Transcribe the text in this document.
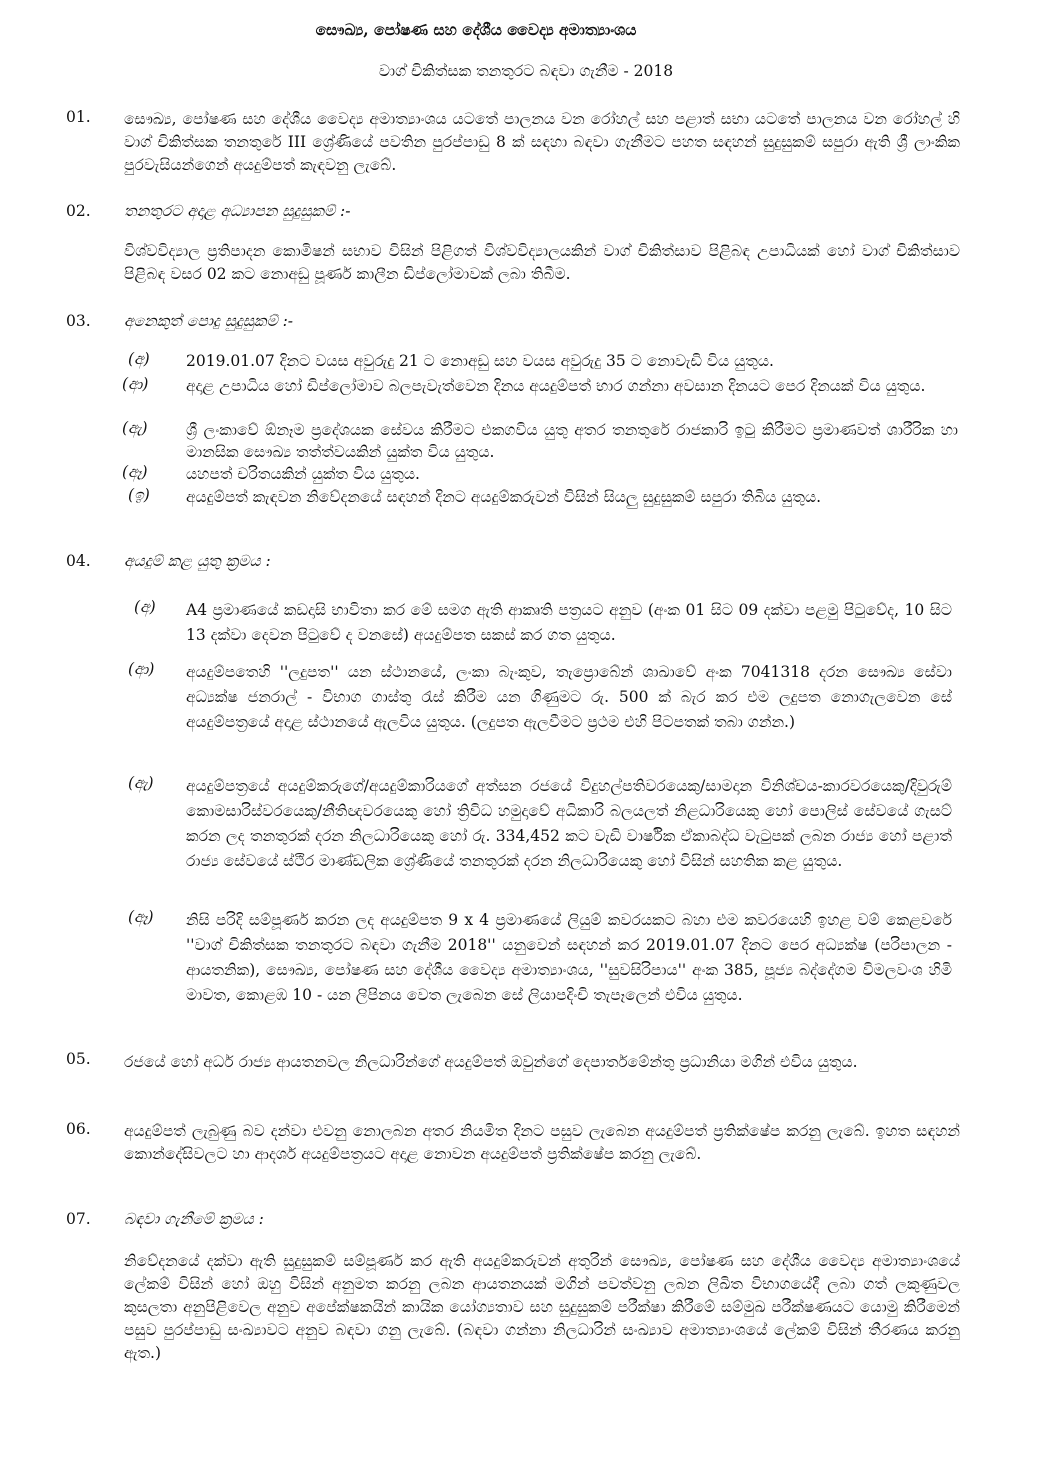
සෞඛ්‍ය, පෝෂණ සහ දේශීය වෛද්‍ය අමාත්‍යාංශය
වාග් චිකිත්සක තනතුරට බඳවා ගැනීම - 2018
01. සෞඛ්‍ය, පෝෂණ සහ දේශීය වෛද්‍ය අමාත්‍යාංශය යටතේ පාලනය වන රෝහල් සහ පළාත් සභා යටතේ පාලනය වන රෝහල් හි වාග් චිකිත්සක තනතුරේ III ශ්‍රේණියේ පවතින පුරප්පාඩු 8 ක් සඳහා බඳවා ගැනීමට පහත සඳහන් සුදුසුකම් සපුරා ඇති ශ්‍රී ලාංකික පුරවැසියන්ගෙන් අයදුම්පත් කැඳවනු ලැබේ.
02. තනතුරට අදාළ අධ්‍යාපන සුදුසුකම් :-
විශ්වවිද්‍යාල ප්‍රතිපාදන කොමිෂන් සභාව විසින් පිළිගත් විශ්වවිද්‍යාලයකින් වාග් චිකිත්සාව පිළිබඳ උපාධියක් හෝ වාග් චිකිත්සාව පිළිබඳ වසර 02 කට නොඅඩු පූර්ණ කාලීන ඩිප්ලෝමාවක් ලබා තිබීම.
03. අනෙකුත් පොදු සුදුසුකම් :-
(අ) 2019.01.07 දිනට වයස අවුරුදු 21 ට නොඅඩු සහ වයස අවුරුදු 35 ට නොවැඩි විය යුතුය.
(ආ) අදාළ උපාධිය හෝ ඩිප්ලෝමාව බලපැවැත්වෙන දිනය අයදුම්පත් භාර ගන්නා අවසාන දිනයට පෙර දිනයක් විය යුතුය.
(ඇ) ශ්‍රී ලංකාවේ ඕනෑම ප්‍රදේශයක සේවය කිරීමට එකගවිය යුතු අතර තනතුරේ රාජකාරි ඉටු කිරීමට ප්‍රමාණවත් ශාරීරික හා මානසික සෞඛ්‍ය තත්ත්වයකින් යුක්ත විය යුතුය.
(ඈ) යහපත් චරිතයකින් යුක්ත විය යුතුය.
(ඉ) අයදුම්පත් කැඳවන නිවේදනයේ සඳහන් දිනට අයදුම්කරුවන් විසින් සියලු සුදුසුකම් සපුරා තිබිය යුතුය.
04. අයදුම් කළ යුතු ක්‍රමය :
(අ) A4 ප්‍රමාණයේ කඩදාසි භාවිතා කර මේ සමග ඇති ආකෘති පත්‍රයට අනුව (අංක 01 සිට 09 දක්වා පළමු පිටුවේද, 10 සිට 13 දක්වා දෙවන පිටුවේ ද වනසේ) අයදුම්පත සකස් කර ගත යුතුය.
(ආ) අයදුම්පතෙහි ''ලදුපත'' යන ස්ථානයේ, ලංකා බැංකුව, තැප්‍රොබේන් ශාඛාවේ අංක 7041318 දරන සෞඛ්‍ය සේවා අධ්‍යක්ෂ ජනරාල් - විභාග ගාස්තු රැස් කිරීම යන ගිණුමට රු. 500 ක් බැර කර එම ලදුපත නොගැලවෙන සේ අයදුම්පත්‍රයේ අදාළ ස්ථානයේ ඇලවිය යුතුය. (ලදුපත ඇලවීමට ප්‍රථම එහි පිටපතක් තබා ගන්න.)
(ඇ) අයදුම්පත්‍රයේ අයදුම්කරුගේ/අයදුම්කාරියගේ අත්සන රජයේ විදුහල්පතිවරයෙකු/සාමදාන විනිශ්චය-කාරවරයෙකු/දිවුරුම් කොමසාරිස්වරයෙකු/නීතිඥවරයෙකු හෝ ත්‍රිවිධ හමුදාවේ අධිකාරි බලයලත් නිළධාරියෙකු හෝ පොලිස් සේවයේ ගැසට් කරන ලද තනතුරක් දරන නිලධාරියෙකු හෝ රු. 334,452 කට වැඩි වාර්ෂික ඒකාබද්ධ වැටුපක් ලබන රාජ්‍ය හෝ පළාත් රාජ්‍ය සේවයේ ස්ථිර මාණ්ඩලික ශ්‍රේණියේ තනතුරක් දරන නිලධාරියෙකු හෝ විසින් සහතික කළ යුතුය.
(ඈ) නිසි පරිදි සම්පූර්ණ කරන ලද අයදුම්පත 9 x 4 ප්‍රමාණයේ ලියුම් කවරයකට බහා එම කවරයෙහි ඉහළ වම් කෙළවරේ ''වාග් චිකිත්සක තනතුරට බඳවා ගැනීම 2018'' යනුවෙන් සඳහන් කර 2019.01.07 දිනට පෙර අධ්‍යක්ෂ (පරිපාලන - ආයතනික), සෞඛ්‍ය, පෝෂණ සහ දේශීය වෛද්‍ය අමාත්‍යාංශය, ''සුවසිරිපාය'' අංක 385, පූජ්‍ය බද්දේගම විමලවංශ හිමි මාවත, කොළඹ 10 - යන ලිපිනය වෙත ලැබෙන සේ ලියාපදිංචි තැපෑලෙන් එවිය යුතුය.
05. රජයේ හෝ අර්ධ රාජ්‍ය ආයතනවල නිලධාරින්ගේ අයදුම්පත් ඔවුන්ගේ දෙපාර්තමේන්තු ප්‍රධානියා මගින් එවිය යුතුය.
06. අයදුම්පත් ලැබුණු බව දන්වා එවනු නොලබන අතර නියමිත දිනට පසුව ලැබෙන අයදුම්පත් ප්‍රතික්ෂේප කරනු ලැබේ. ඉහත සඳහන් කොන්දේසිවලට හා ආදර්ශ අයදුම්පත්‍රයට අදාළ නොවන අයදුම්පත් ප්‍රතික්ෂේප කරනු ලැබේ.
07. බඳවා ගැනීමේ ක්‍රමය :
නිවේදනයේ දක්වා ඇති සුදුසුකම් සම්පූර්ණ කර ඇති අයදුම්කරුවන් අතුරින් සෞඛ්‍ය, පෝෂණ සහ දේශීය වෛද්‍ය අමාත්‍යාංශයේ ලේකම් විසින් හෝ ඔහු විසින් අනුමත කරනු ලබන ආයතනයක් මගින් පවත්වනු ලබන ලිඛිත විභාගයේදී ලබා ගත් ලකුණුවල කුසලතා අනුපිළිවෙල අනුව අපේක්ෂකයින් කායික යෝග්‍යතාව සහ සුදුසුකම් පරීක්ෂා කිරීමේ සම්මුඛ පරීක්ෂණයට යොමු කිරීමෙන් පසුව පුරප්පාඩු සංඛ්‍යාවට අනුව බඳවා ගනු ලැබේ. (බඳවා ගන්නා නිලධාරින් සංඛ්‍යාව අමාත්‍යාංශයේ ලේකම් විසින් තීරණය කරනු ඇත.)
